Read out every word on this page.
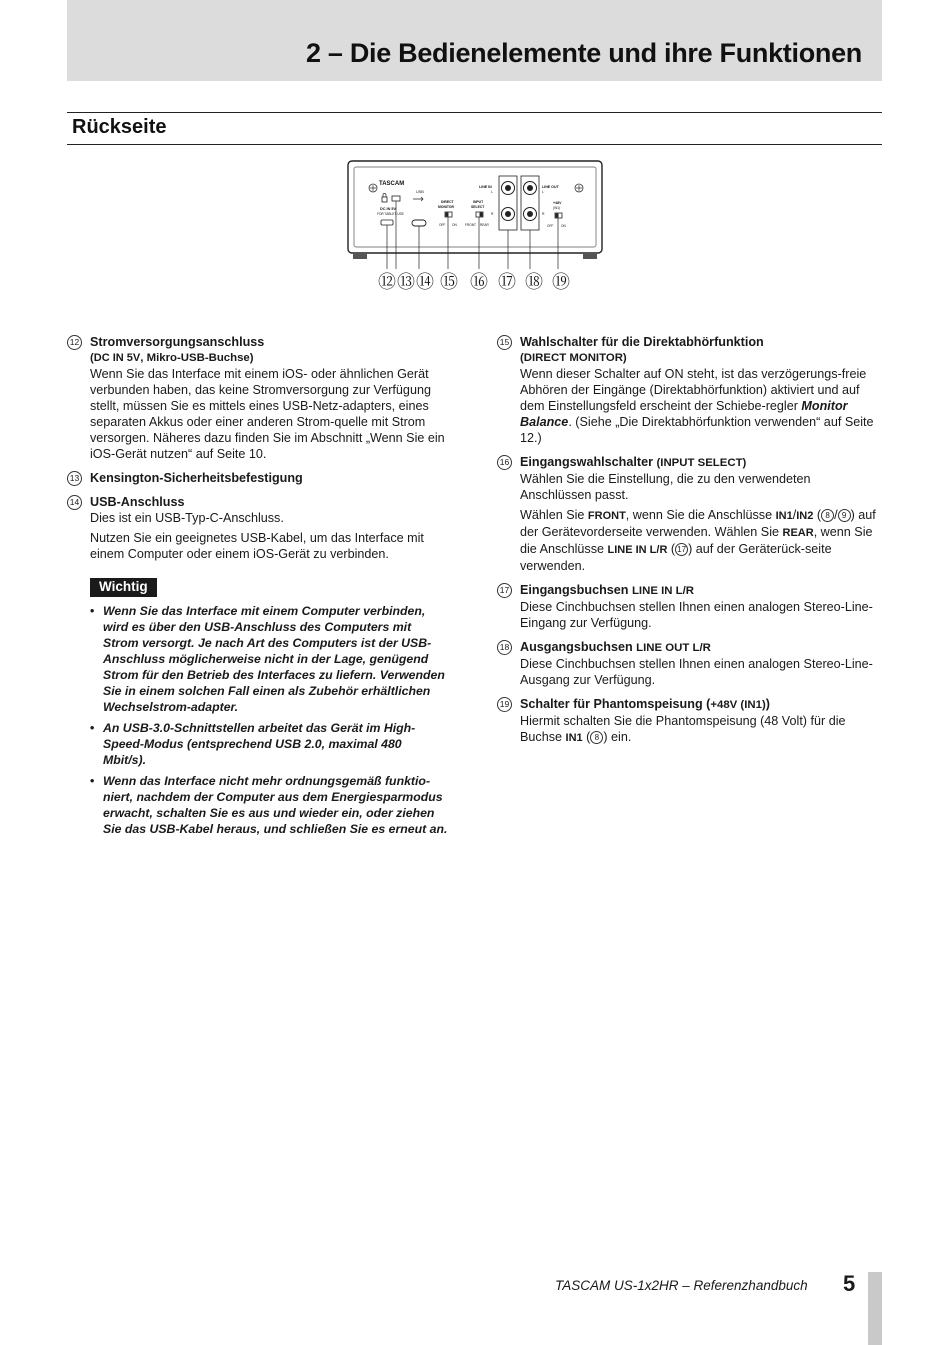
2 – Die Bedienelemente und ihre Funktionen
Rückseite
TASCAM
DC IN 5V
FOR TABLET USE
USB
DIRECT
MONITOR
OFF ON
INPUT
SELECT
FRONT REAR
LINE IN
L
R
LINE OUT
L
R
+48V
(IN1)
OFF ON
⑫ ⑬ ⑭ ⑮ ⑯ ⑰ ⑱ ⑲
12 Stromversorgungsanschluss
(DC IN 5V, Mikro-USB-Buchse)

Wenn Sie das Interface mit einem iOS- oder ähnlichen Gerät verbunden haben, das keine Stromversorgung zur Verfügung stellt, müssen Sie es mittels eines USB-Netz-adapters, eines separaten Akkus oder einer anderen Strom-quelle mit Strom versorgen. Näheres dazu finden Sie im Abschnitt „Wenn Sie ein iOS-Gerät nutzen“ auf Seite 10.

13 Kensington-Sicherheitsbefestigung
14 USB-Anschluss

Dies ist ein USB-Typ-C-Anschluss.

Nutzen Sie ein geeignetes USB-Kabel, um das Interface mit einem Computer oder einem iOS-Gerät zu verbinden.

Wichtig
• Wenn Sie das Interface mit einem Computer verbinden, wird es über den USB-Anschluss des Computers mit Strom versorgt. Je nach Art des Computers ist der USB-Anschluss möglicherweise nicht in der Lage, genügend Strom für den Betrieb des Interfaces zu liefern. Verwenden Sie in einem solchen Fall einen als Zubehör erhältlichen Wechselstrom-adapter.
• An USB-3.0-Schnittstellen arbeitet das Gerät im High-Speed-Modus (entsprechend USB 2.0, maximal 480 Mbit/s).
• Wenn das Interface nicht mehr ordnungsgemäß funktio-niert, nachdem der Computer aus dem Energiesparmodus erwacht, schalten Sie es aus und wieder ein, oder ziehen Sie das USB-Kabel heraus, und schließen Sie es erneut an.
15 Wahlschalter für die Direktabhörfunktion
(DIRECT MONITOR)

Wenn dieser Schalter auf ON steht, ist das verzögerungs-freie Abhören der Eingänge (Direktabhörfunktion) aktiviert und auf dem Einstellungsfeld erscheint der Schiebe-regler Monitor Balance. (Siehe „Die Direktabhörfunktion verwenden“ auf Seite 12.)

16 Eingangswahlschalter (INPUT SELECT)

Wählen Sie die Einstellung, die zu den verwendeten Anschlüssen passt.

Wählen Sie FRONT, wenn Sie die Anschlüsse IN1/IN2 ( 8 / 9 ) auf der Gerätevorderseite verwenden. Wählen Sie REAR, wenn Sie die Anschlüsse LINE IN L/R ( 17 ) auf der Geräterück-seite verwenden.

17 Eingangsbuchsen LINE IN L/R

Diese Cinchbuchsen stellen Ihnen einen analogen Stereo-Line-Eingang zur Verfügung.

18 Ausgangsbuchsen LINE OUT L/R

Diese Cinchbuchsen stellen Ihnen einen analogen Stereo-Line-Ausgang zur Verfügung.

19 Schalter für Phantomspeisung (+48V (IN1))

Hiermit schalten Sie die Phantomspeisung (48 Volt) für die Buchse IN1 ( 8 ) ein.

TASCAM US-1x2HR – Referenzhandbuch 5
